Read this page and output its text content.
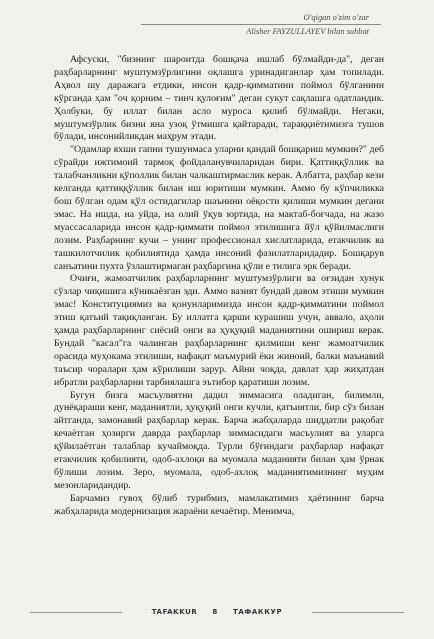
O'qigan o'zim o'zar
Alisher FAYZULLAYEV bilan suhbat

Афсуски, "бизнинг шароитда бошқача ишлаб бўлмайди-да", деган раҳбарларнинг муштумзўрлигини оқлашга уринадиганлар ҳам топилади. Аҳвол шу даражага етдики, инсон қадр-қимматини поймол бўлганини кўрганда ҳам "оч қорним – тинч қулоғим" деган сукут сақлашга одатландик. Ҳолбуки, бу иллат билан асло муроса қилиб бўлмайди. Негаки, муштумзўрлик бизни яна узоқ ўтмишга қайтаради, тараққиётимизга тушов бўлади, инсонийликдан маҳрум этади.

"Одамлар яхши гапни тушунмаса уларни қандай бошқариш мумкин?" деб сўрайди ижтимоий тармоқ фойдаланувчиларидан бири. Қаттиққўллик ва талабчанликни қўполлик билан чалкаштирмаслик керак. Албатта, раҳбар кези келганда қаттиққўллик билан иш юритиши мумкин. Аммо бу кўпчиликка бош бўлган одам қўл остидагилар шаънини оёқости қилиши мумкин дегани эмас. На ишда, на уйда, на олий ўқув юртида, на мактаб-боғчада, на жазо муассасаларида инсон қадр-қиммати поймол этилишига йўл қўйилмаслиги лозим. Раҳбарнинг кучи – унинг профессионал хислатларида, етакчилик ва ташкилотчилик қобилиятида ҳамда инсоний фазилатларидадир. Бошқарув санъатини пухта ўзлаштирмаган раҳбаргина қўли е тилига эрк беради.

Очиғи, жамоатчилик раҳбарларнинг муштумзўрлиги ва оғзидан хунук сўзлар чиқишига кўникаёзган эди. Аммо вазият бундай давом этиши мумкин эмас! Конституциямиз ва қонунларимизда инсон қадр-қимматини поймол этиш қатъий тақиқланган. Бу иллатга қарши курашиш учун, аввало, аҳоли ҳамда раҳбарларнинг сиёсий онги ва ҳуқуқий маданиятини ошириш керак. Бундай "касал"га чалинган раҳбарларнинг қилмиши кенг жамоатчилик орасида муҳокама этилиши, нафақат маъмурий ёки жиноий, балки маънавий таъсир чоралари ҳам кўрилиши зарур. Айни чоқда, давлат ҳар жиҳатдан ибратли раҳбарларни тарбиялашга эътибор қаратиши лозим.

Бугун бизга масъулиятни дадил зиммасига оладиган, билимли, дунёқараши кенг, маданиятли, ҳуқуқий онги кучли, қатъиятли, бир сўз билан айтганда, замонавий раҳбарлар керак. Барча жабҳаларда шиддатли рақобат кечаётган ҳозирги даврда раҳбарлар зиммасидаги масъулият ва уларга қўйилаётган талаблар кучаймоқда. Турли бўғиндаги раҳбарлар нафақат етакчилик қобилияти, одоб-ахлоқи ва муомала маданияти билан ҳам ўрнак бўлиши лозим. Зеро, муомала, одоб-ахлоқ маданиятимизнинг муҳим мезонларидандир.

Барчамиз гувоҳ бўлиб турибмиз, мамлакатимиз ҳаётининг барча жабҳаларида модернизация жараёни кечаётир. Менимча,

TAFAKKUR 8 ТАФАККУР
